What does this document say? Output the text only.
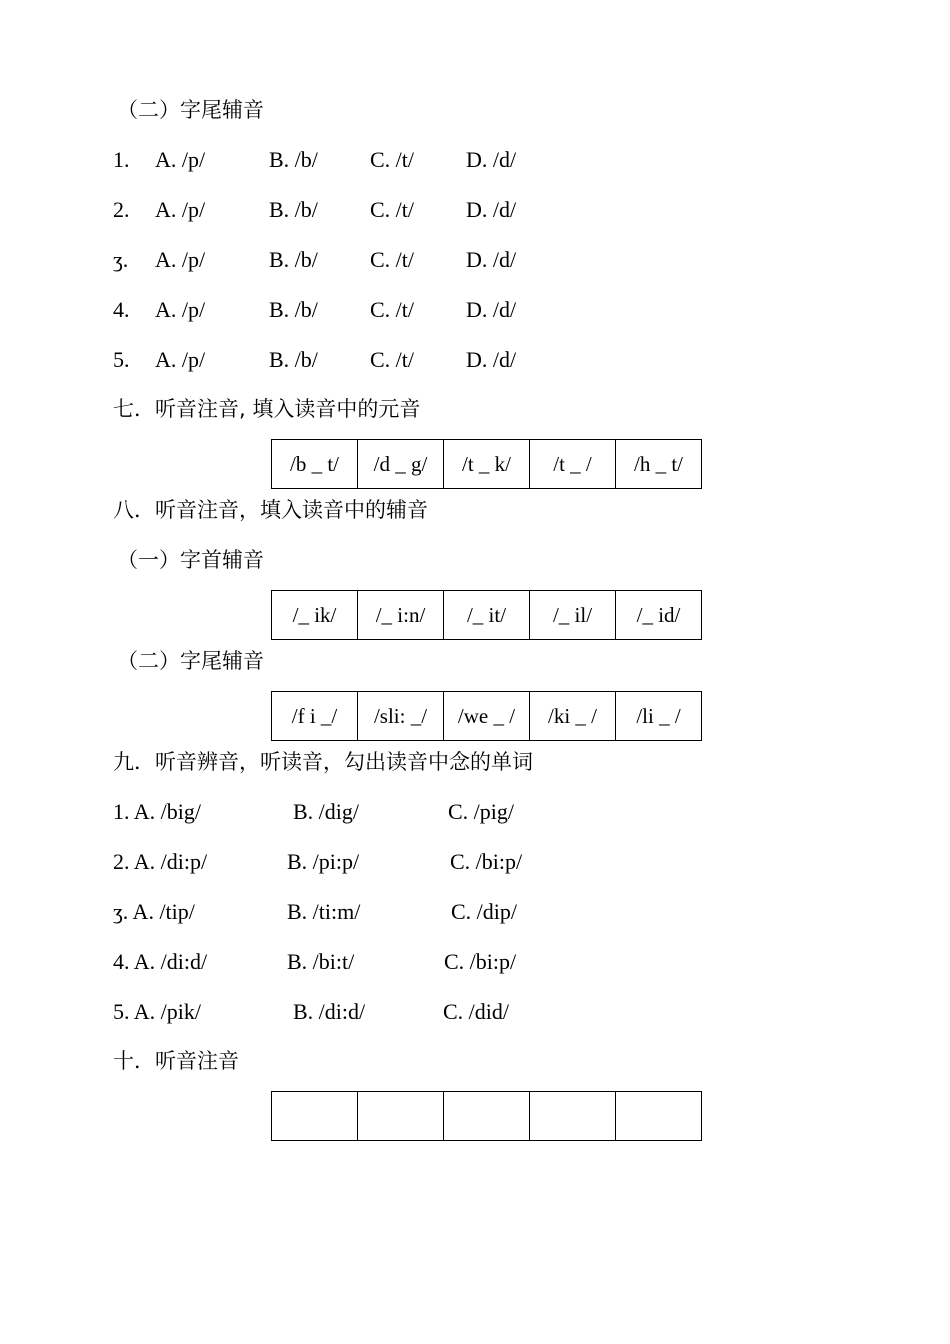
（二）字尾辅音
1. A. /p/	B. /b/ C. /t/ D. /d/
2. A. /p/	B. /b/ C. /t/ D. /d/
ʒ. A. /p/	B. /b/ C. /t/ D. /d/
4. A. /p/	B. /b/ C. /t/ D. /d/
5. A. /p/	B. /b/ C. /t/ D. /d/
七．听音注音, 填入读音中的元音
/b _ t/	/d _ g/	/t _ k/	/t _ /	/h _ t/
八．听音注音，填入读音中的辅音
（一）字首辅音
/_ ik/	/_ i:n/	/_ it/	/_ il/	/_ id/
（二）字尾辅音
/f i _/	/sli: _/	/we _ /	/ki _ /	/li _ /
九．听音辨音，听读音，勾出读音中念的单词
1. A. /big/	B. /dig/	C. /pig/
2. A. /di:p/	B. /pi:p/	C. /bi:p/
ʒ. A. /tip/	B. /ti:m/	C. /dip/
4. A. /di:d/	B. /bi:t/	C. /bi:p/
5. A. /pik/	B. /di:d/	C. /did/
十．听音注音
